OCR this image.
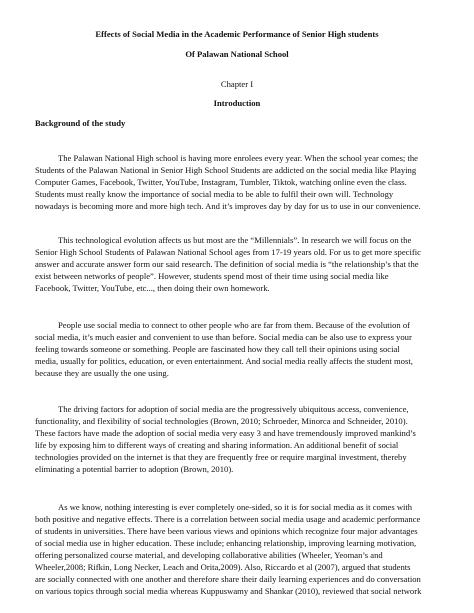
Effects of Social Media in the Academic Performance of Senior High students
Of Palawan National School
Chapter I
Introduction
Background of the study
The Palawan National High school is having more enrolees every year. When the school year comes; the
Students of the Palawan National in Senior High School Students are addicted on the social media like Playing
Computer Games, Facebook, Twitter, YouTube, Instagram, Tumbler, Tiktok, watching online even the class.
Students must really know the importance of social media to be able to fulfil their own will. Technology
nowadays is becoming more and more high tech. And it’s improves day by day for us to use in our convenience.
This technological evolution affects us but most are the “Millennials”. In research we will focus on the
Senior High School Students of Palawan National School ages from 17-19 years old. For us to get more specific
answer and accurate answer form our said research. The definition of social media is “the relationship’s that the
exist between networks of people”. However, students spend most of their time using social media like
Facebook, Twitter, YouTube, etc..., then doing their own homework.
People use social media to connect to other people who are far from them. Because of the evolution of
social media, it’s much easier and convenient to use than before. Social media can be also use to express your
feeling towards someone or something. People are fascinated how they call tell their opinions using social
media, usually for politics, education, or even entertainment. And social media really affects the student most,
because they are usually the one using.
The driving factors for adoption of social media are the progressively ubiquitous access, convenience,
functionality, and flexibility of social technologies (Brown, 2010; Schroeder, Minorca and Schneider, 2010).
These factors have made the adoption of social media very easy 3 and have tremendously improved mankind’s
life by exposing him to different ways of creating and sharing information. An additional benefit of social
technologies provided on the internet is that they are frequently free or require marginal investment, thereby
eliminating a potential barrier to adoption (Brown, 2010).
As we know, nothing interesting is ever completely one-sided, so it is for social media as it comes with
both positive and negative effects. There is a correlation between social media usage and academic performance
of students in universities. There have been various views and opinions which recognize four major advantages
of social media use in higher education. These include; enhancing relationship, improving learning motivation,
offering personalized course material, and developing collaborative abilities (Wheeler, Yeoman’s and
Wheeler,2008; Rifkin, Long Necker, Leach and Orita,2009). Also, Riccardo et al (2007), argued that students
are socially connected with one another and therefore share their daily learning experiences and do conversation
on various topics through social media whereas Kuppuswamy and Shankar (2010), reviewed that social network
